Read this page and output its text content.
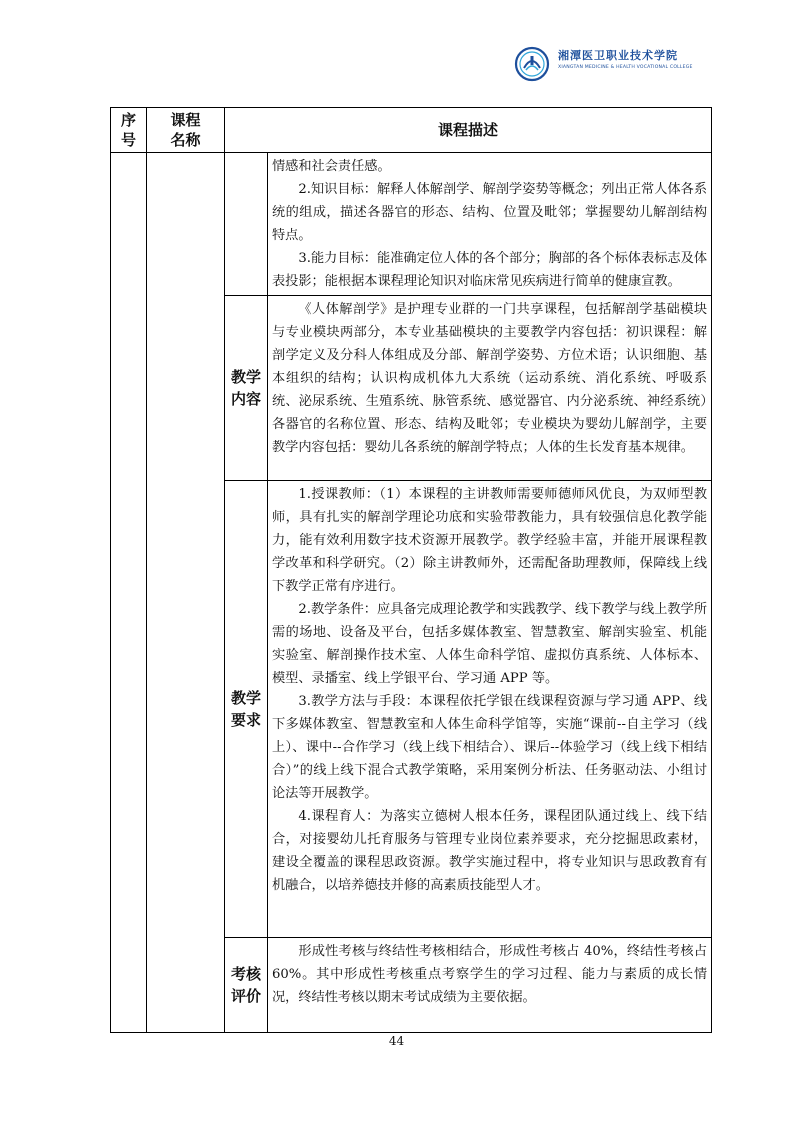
湘潭医卫职业技术学院
XIANGTAN MEDICINE & HEALTH VOCATIONAL COLLEGE
序号	课程名称	课程描述	

			情感和社会责任感。

2.知识目标：解释人体解剖学、解剖学姿势等概念；列出正常人体各系统的组成，描述各器官的形态、结构、位置及毗邻；掌握婴幼儿解剖结构特点。

3.能力目标：能准确定位人体的各个部分；胸部的各个标体表标志及体表投影；能根据本课程理论知识对临床常见疾病进行简单的健康宣教。

		教学内容	《人体解剖学》是护理专业群的一门共享课程，包括解剖学基础模块与专业模块两部分，本专业基础模块的主要教学内容包括：初识课程：解剖学定义及分科人体组成及分部、解剖学姿势、方位术语；认识细胞、基本组织的结构；认识构成机体九大系统（运动系统、消化系统、呼吸系统、泌尿系统、生殖系统、脉管系统、感觉器官、内分泌系统、神经系统）各器官的名称位置、形态、结构及毗邻；专业模块为婴幼儿解剖学，主要教学内容包括：婴幼儿各系统的解剖学特点；人体的生长发育基本规律。

		教学要求	1.授课教师：（1）本课程的主讲教师需要师德师风优良，为双师型教师，具有扎实的解剖学理论功底和实验带教能力，具有较强信息化教学能力，能有效利用数字技术资源开展教学。教学经验丰富，并能开展课程教学改革和科学研究。（2）除主讲教师外，还需配备助理教师，保障线上线下教学正常有序进行。

2.教学条件：应具备完成理论教学和实践教学、线下教学与线上教学所需的场地、设备及平台，包括多媒体教室、智慧教室、解剖实验室、机能实验室、解剖操作技术室、人体生命科学馆、虚拟仿真系统、人体标本、模型、录播室、线上学银平台、学习通 APP 等。

3.教学方法与手段：本课程依托学银在线课程资源与学习通 APP、线下多媒体教室、智慧教室和人体生命科学馆等，实施“课前--自主学习（线上）、课中--合作学习（线上线下相结合）、课后--体验学习（线上线下相结合）”的线上线下混合式教学策略，采用案例分析法、任务驱动法、小组讨论法等开展教学。

4.课程育人：为落实立德树人根本任务，课程团队通过线上、线下结合，对接婴幼儿托育服务与管理专业岗位素养要求，充分挖掘思政素材，建设全覆盖的课程思政资源。教学实施过程中，将专业知识与思政教育有机融合，以培养德技并修的高素质技能型人才。

		考核评价	形成性考核与终结性考核相结合，形成性考核占 40%，终结性考核占 60%。其中形成性考核重点考察学生的学习过程、能力与素质的成长情况，终结性考核以期末考试成绩为主要依据。

44
